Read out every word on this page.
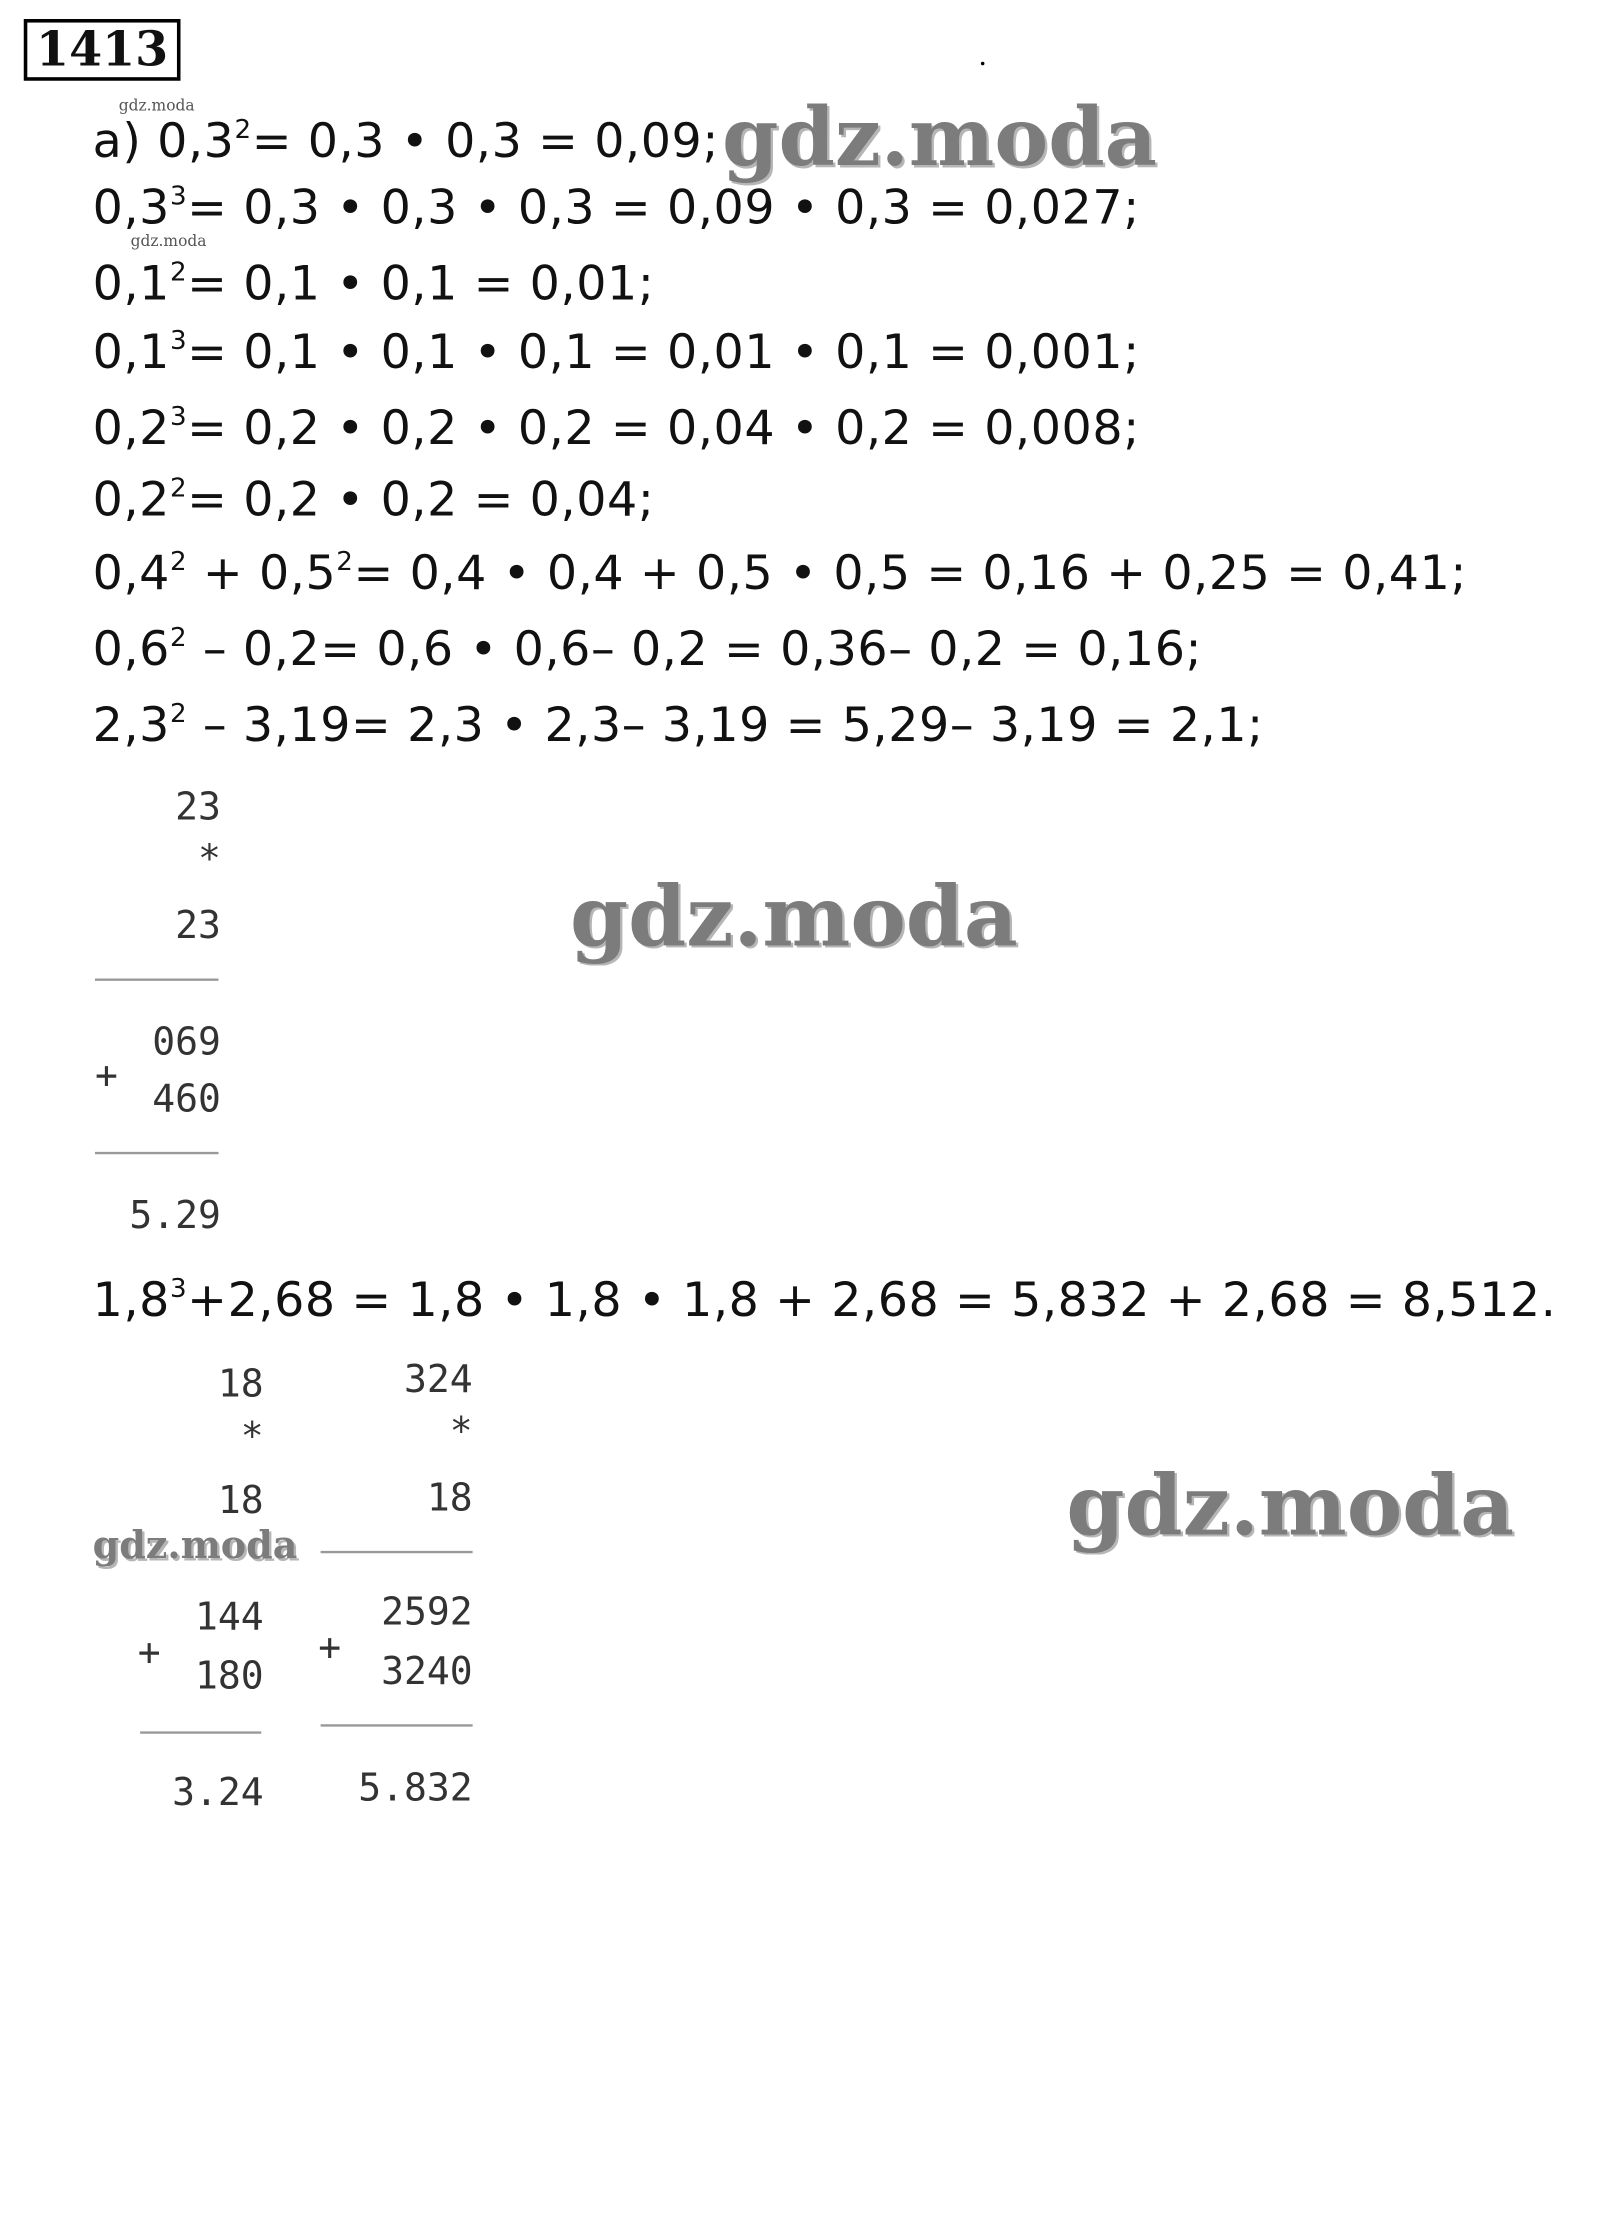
1413
gdz.moda
gdz.moda
а) $0,3^2= 0,3$ • 0,3 = 0,09;
$0,3^3= 0,3$ • 0,3 • 0,3 = 0,09 • 0,3 = 0,027;
$0,1^2= 0,1$ • 0,1 = 0,01;
$0,1^3= 0,1$ • 0,1 • 0,1 = 0,01 • 0,1 = 0,001;
$0,2^3= 0,2$ • 0,2 • 0,2 = 0,04 • 0,2 = 0,008;
$0,2^2= 0,2$ • 0,2 = 0,04;
$0,4^2 + 0,5^2= 0,4$ • 0,4 + 0,5 • 0,5 = 0,16 + 0,25 = 0,41;
$0,6^2 - 0,2= 0,6$ • 0,6– 0,2 = 0,36– 0,2 = 0,16;
$2,3^2 - 3,19= 2,3$ • 2,3– 3,19 = 5,29– 3,19 = 2,1;
gdz.moda
23
*
23
069
+
460
5.29
gdz.moda
$1,8^3+2,68 = 1,8$ • 1,8 • 1,8 + 2,68 = 5,832 + 2,68 = 8,512.
18
*
18
gdz.moda
144
+
180
3.24
324
*
18
2592
+
3240
5.832
gdz.moda
